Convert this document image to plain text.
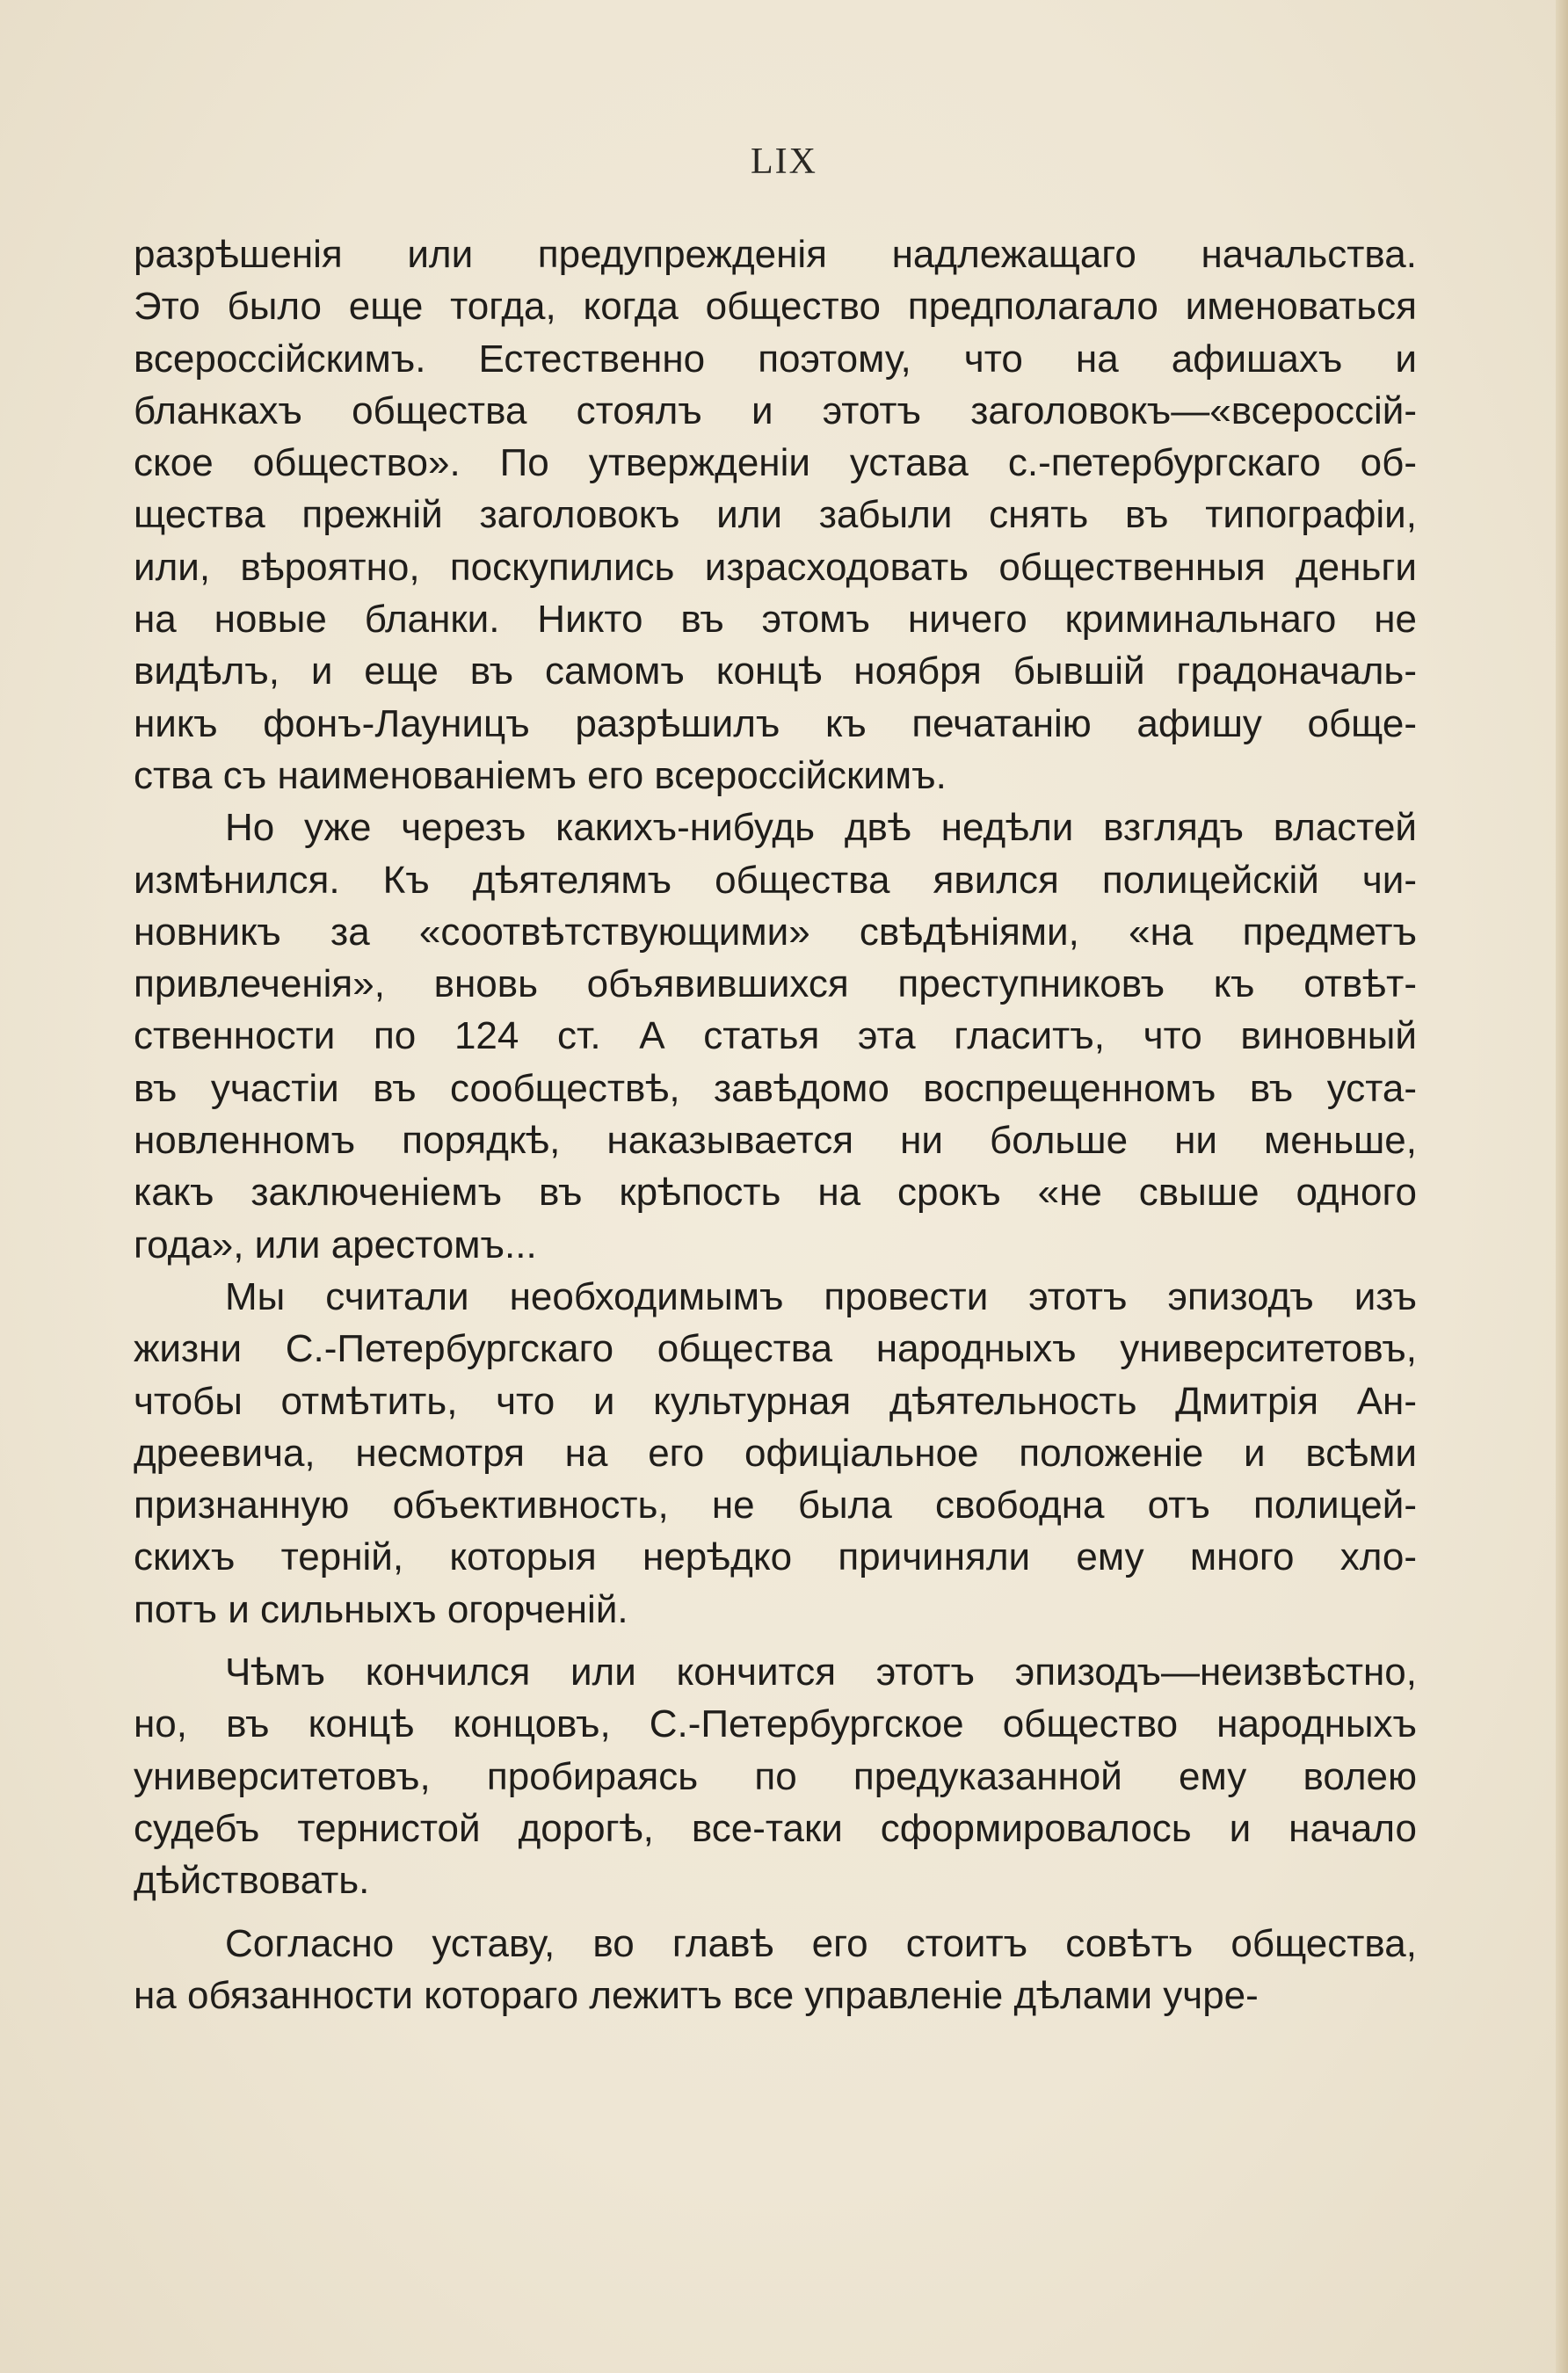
LIX
разрѣшенія или предупрежденія надлежащаго начальства.
Это было еще тогда, когда общество предполагало именоваться
всероссійскимъ. Естественно поэтому, что на афишахъ и
бланкахъ общества стоялъ и этотъ заголовокъ—«всероссій-
ское общество». По утвержденіи устава с.-петербургскаго об-
щества прежній заголовокъ или забыли снять въ типографіи,
или, вѣроятно, поскупились израсходовать общественныя деньги
на новые бланки. Никто въ этомъ ничего криминальнаго не
видѣлъ, и еще въ самомъ концѣ ноября бывшій градоначаль-
никъ фонъ-Лауницъ разрѣшилъ къ печатанію афишу обще-
ства съ наименованіемъ его всероссійскимъ.
Но уже черезъ какихъ-нибудь двѣ недѣли взглядъ властей
измѣнился. Къ дѣятелямъ общества явился полицейскій чи-
новникъ за «соотвѣтствующими» свѣдѣніями, «на предметъ
привлеченія», вновь объявившихся преступниковъ къ отвѣт-
ственности по 124 ст. А статья эта гласитъ, что виновный
въ участіи въ сообществѣ, завѣдомо воспрещенномъ въ уста-
новленномъ порядкѣ, наказывается ни больше ни меньше,
какъ заключеніемъ въ крѣпость на срокъ «не свыше одного
года», или арестомъ...
Мы считали необходимымъ провести этотъ эпизодъ изъ
жизни С.-Петербургскаго общества народныхъ университетовъ,
чтобы отмѣтить, что и культурная дѣятельность Дмитрія Ан-
дреевича, несмотря на его офиціальное положеніе и всѣми
признанную объективность, не была свободна отъ полицей-
скихъ терній, которыя нерѣдко причиняли ему много хло-
потъ и сильныхъ огорченій.
Чѣмъ кончился или кончится этотъ эпизодъ—неизвѣстно,
но, въ концѣ концовъ, С.-Петербургское общество народныхъ
университетовъ, пробираясь по предуказанной ему волею
судебъ тернистой дорогѣ, все-таки сформировалось и начало
дѣйствовать.
Согласно уставу, во главѣ его стоитъ совѣтъ общества,
на обязанности котораго лежитъ все управленіе дѣлами учре-
